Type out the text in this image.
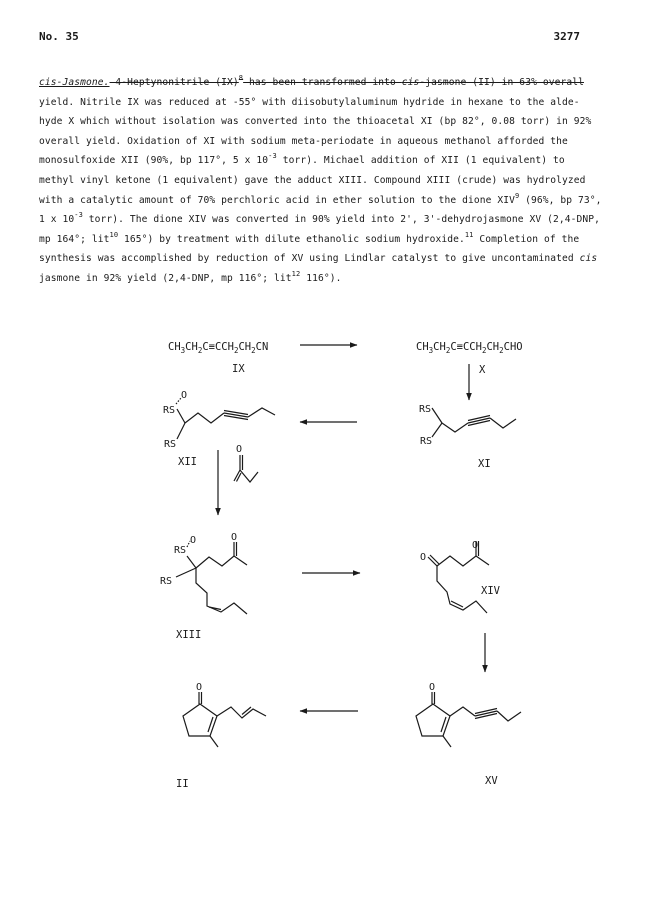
No. 35	3277
cis-Jasmone. 4-Heptynonitrile (IX)$^8$ has been transformed into cis-jasmone (II) in 63% overall
yield. Nitrile IX was reduced at -55° with diisobutylaluminum hydride in hexane to the alde-
hyde X which without isolation was converted into the thioacetal XI (bp 82°, 0.08 torr) in 92%
overall yield. Oxidation of XI with sodium meta-periodate in aqueous methanol afforded the
monosulfoxide XII (90%, bp 117°, 5 x $10^{-3}$ torr). Michael addition of XII (1 equivalent) to
methyl vinyl ketone (1 equivalent) gave the adduct XIII. Compound XIII (crude) was hydrolyzed
with a catalytic amount of 70% perchloric acid in ether solution to the dione XIV$^9$ (96%, bp 73°,
1 x $10^{-3}$ torr). The dione XIV was converted in 90% yield into 2', 3'-dehydrojasmone XV (2,4-DNP,
mp 164°; lit$^{10}$ 165°) by treatment with dilute ethanolic sodium hydroxide.$^{11}$ Completion of the
synthesis was accomplished by reduction of XV using Lindlar catalyst to give uncontaminated cis
jasmone in 92% yield (2,4-DNP, mp 116°; lit$^{12}$ 116°).
$CH_3CH_2C\equiv CCH_2CH_2CN$	$CH_3CH_2C\equiv CCH_2CH_2CHO$
IX	X
XII	XI
XIII
XIV
XV
II
O
RS
O
RS
RS
RS
RS
O
RS
O
O
O
O	O
